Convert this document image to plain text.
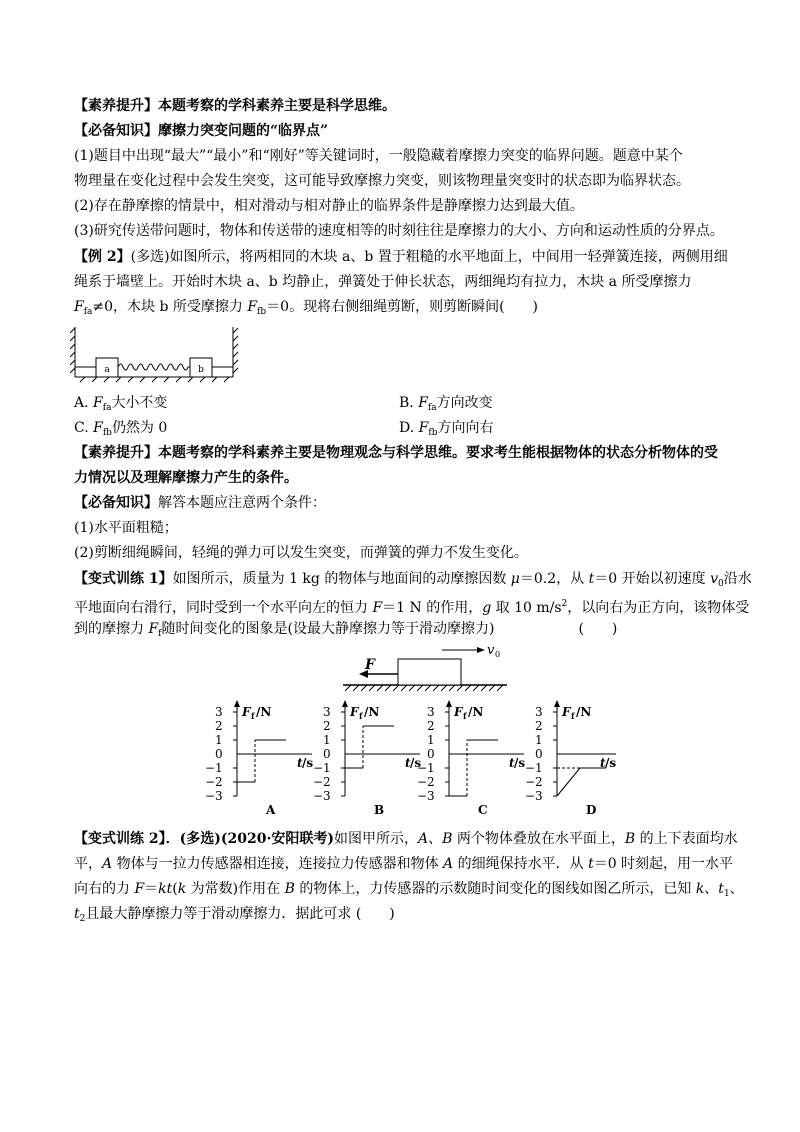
【素养提升】本题考察的学科素养主要是科学思维。
【必备知识】摩擦力突变问题的“临界点”
(1)题目中出现“最大”“最小”和“刚好”等关键词时，一般隐藏着摩擦力突变的临界问题。题意中某个
物理量在变化过程中会发生突变，这可能导致摩擦力突变，则该物理量突变时的状态即为临界状态。
(2)存在静摩擦的情景中，相对滑动与相对静止的临界条件是静摩擦力达到最大值。
(3)研究传送带问题时，物体和传送带的速度相等的时刻往往是摩擦力的大小、方向和运动性质的分界点。
【例 2】(多选)如图所示，将两相同的木块 a、b 置于粗糙的水平地面上，中间用一轻弹簧连接，两侧用细
绳系于墙壁上。开始时木块 a、b 均静止，弹簧处于伸长状态，两细绳均有拉力，木块 a 所受摩擦力
$F_{fa}\ne 0$，木块 b 所受摩擦力 $F_{fb}=0$。现将右侧细绳剪断，则剪断瞬间(　　)
a	b
A. $F_{fa}$大小不变	B. $F_{fa}$方向改变
C. $F_{fb}$仍然为 0	D. $F_{fb}$方向向右
【素养提升】本题考察的学科素养主要是物理观念与科学思维。要求考生能根据物体的状态分析物体的受
力情况以及理解摩擦力产生的条件。
【必备知识】解答本题应注意两个条件：
(1)水平面粗糙；
(2)剪断细绳瞬间，轻绳的弹力可以发生突变，而弹簧的弹力不发生变化。
【变式训练 1】如图所示，质量为 1 kg 的物体与地面间的动摩擦因数 μ＝0.2，从 t＝0 开始以初速度 $v_0$沿水
平地面向右滑行，同时受到一个水平向左的恒力 F＝1 N 的作用，g 取 10 $m/s^2$，以向右为正方向，该物体受
到的摩擦力 $F_f$随时间变化的图象是(设最大静摩擦力等于滑动摩擦力)　　　　　　(　　)
F
v 0
3
2
1
0
−1
−2
−3
F f /N
t /s
A
3
2
1
0
−1
−2
−3
F f /N
t /s
B
3
2
1
0
−1
−2
−3
F f /N
t /s
C
3
2
1
0
−1
−2
−3
F f /N
t /s
D
【变式训练 2】．(多选)(2020·安阳联考)如图甲所示，A、B 两个物体叠放在水平面上，B 的上下表面均水
平，A 物体与一拉力传感器相连接，连接拉力传感器和物体 A 的细绳保持水平．从 t＝0 时刻起，用一水平
向右的力 F＝kt(k 为常数)作用在 B 的物体上，力传感器的示数随时间变化的图线如图乙所示，已知 k、$t_1$、
$t_2$且最大静摩擦力等于滑动摩擦力．据此可求 (　　)
